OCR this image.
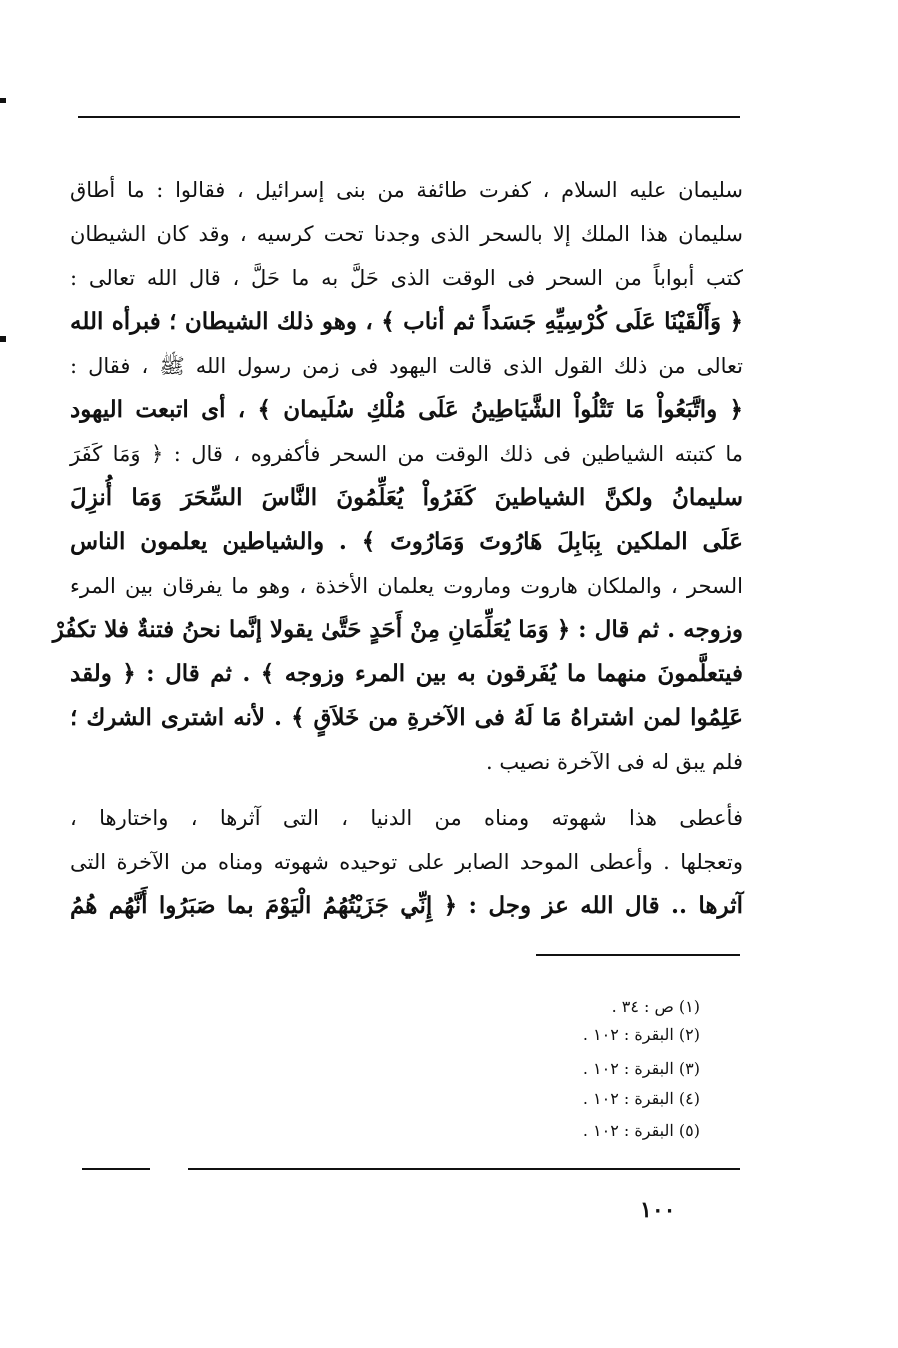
سليمان عليه السلام ، كفرت طائفة من بنى إسرائيل ، فقالوا : ما أطاق
سليمان هذا الملك إلا بالسحر الذى وجدنا تحت كرسيه ، وقد كان الشيطان
كتب أبواباً من السحر فى الوقت الذى حَلَّ به ما حَلَّ ، قال الله تعالى :
﴿ وَأَلْقَيْنَا عَلَى كُرْسِيِّهِ جَسَداً ثم أناب ﴾ ، وهو ذلك الشيطان ؛ فبرأه الله
تعالى من ذلك القول الذى قالت اليهود فى زمن رسول الله ﷺ ، فقال :
﴿ واتَّبَعُواْ مَا تَتْلُواْ الشَّيَاطِينُ عَلَى مُلْكِ سُلَيمان ﴾ ، أى اتبعت اليهود
ما كتبته الشياطين فى ذلك الوقت من السحر فأكفروه ، قال : ﴿ وَمَا كَفَرَ
سليمانُ ولكنَّ الشياطينَ كَفَرُواْ يُعَلِّمُونَ النَّاسَ السِّحَرَ وَمَا أُنزِلَ
عَلَى الملكين بِبَابِلَ هَارُوتَ وَمَارُوتَ ﴾ . والشياطين يعلمون الناس
السحر ، والملكان هاروت وماروت يعلمان الأخذة ، وهو ما يفرقان بين المرء
وزوجه . ثم قال : ﴿ وَمَا يُعَلِّمَانِ مِنْ أَحَدٍ حَتَّىٰ يقولا إنَّما نحنُ فتنةٌ فلا تكفُرْ
فيتعلَّمونَ منهما ما يُفَرقون به بين المرء وزوجه ﴾ . ثم قال : ﴿ ولقد
عَلِمُوا لمن اشتراهُ مَا لَهُ فى الآخرةِ من خَلاَقٍ ﴾ . لأنه اشترى الشرك ؛
فلم يبق له فى الآخرة نصيب .
فأعطى هذا شهوته ومناه من الدنيا ، التى آثرها ، واختارها ،
وتعجلها . وأعطى الموحد الصابر على توحيده شهوته ومناه من الآخرة التى
آثرها .. قال الله عز وجل : ﴿ إِنِّي جَزَيْتُهُمُ الْيَوْمَ بما صَبَرُوا أَنَّهُم هُمُ
(١) ص : ٣٤ .
(٢) البقرة : ١٠٢ .
(٣) البقرة : ١٠٢ .
(٤) البقرة : ١٠٢ .
(٥) البقرة : ١٠٢ .
١٠٠
